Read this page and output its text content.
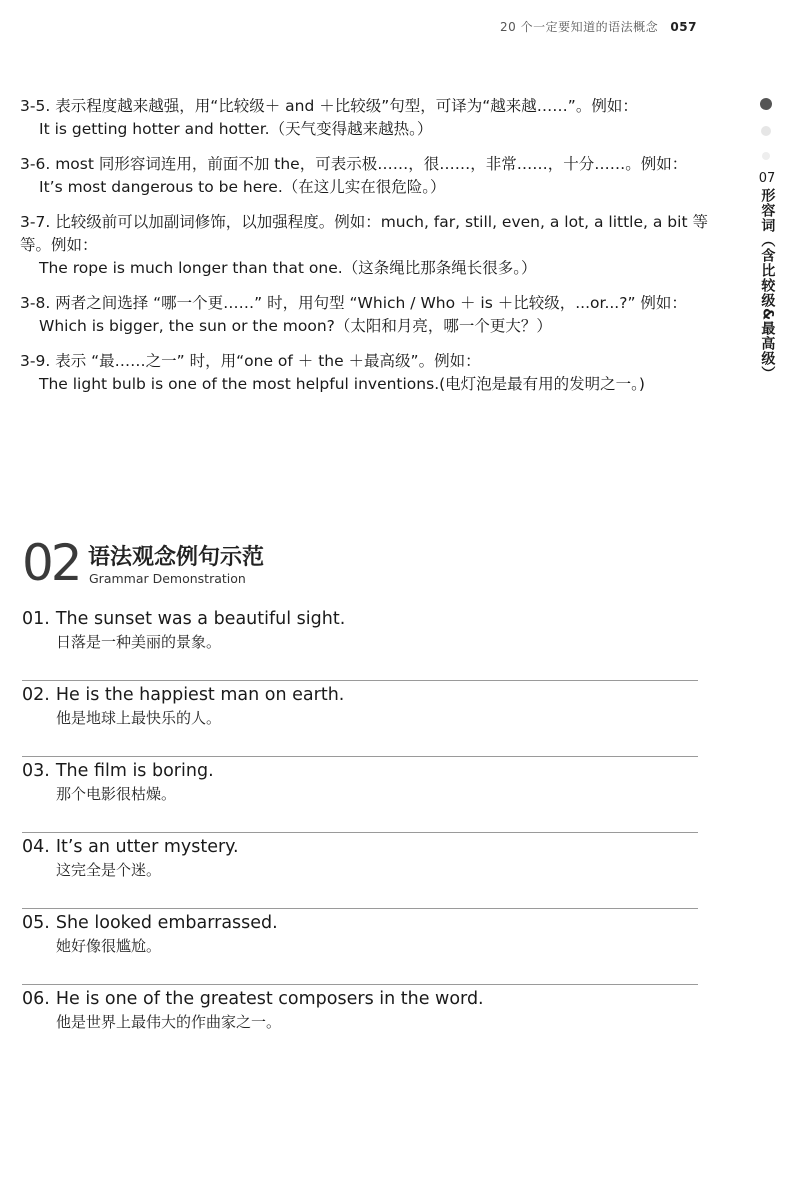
20 个一定要知道的语法概念 057
07
形容词（含比较级&最高级）
3-5. 表示程度越来越强，用“比较级＋ and ＋比较级”句型，可译为“越来越……”。例如：
It is getting hotter and hotter.（天气变得越来越热。）
3-6. most 同形容词连用，前面不加 the，可表示极……，很……，非常……，十分……。例如：
It’s most dangerous to be here.（在这儿实在很危险。）
3-7. 比较级前可以加副词修饰，以加强程度。例如：much, far, still, even, a lot, a little, a bit 等等。例如：
The rope is much longer than that one.（这条绳比那条绳长很多。）
3-8. 两者之间选择 “哪一个更……” 时，用句型 “Which / Who ＋ is ＋比较级，...or...?” 例如：
Which is bigger, the sun or the moon?（太阳和月亮，哪一个更大？）
3-9. 表示 “最……之一” 时，用“one of ＋ the ＋最高级”。例如：
The light bulb is one of the most helpful inventions.(电灯泡是最有用的发明之一。)
02 语法观念例句示范
Grammar Demonstration
01. The sunset was a beautiful sight.
日落是一种美丽的景象。
02. He is the happiest man on earth.
他是地球上最快乐的人。
03. The film is boring.
那个电影很枯燥。
04. It’s an utter mystery.
这完全是个迷。
05. She looked embarrassed.
她好像很尴尬。
06. He is one of the greatest composers in the word.
他是世界上最伟大的作曲家之一。
